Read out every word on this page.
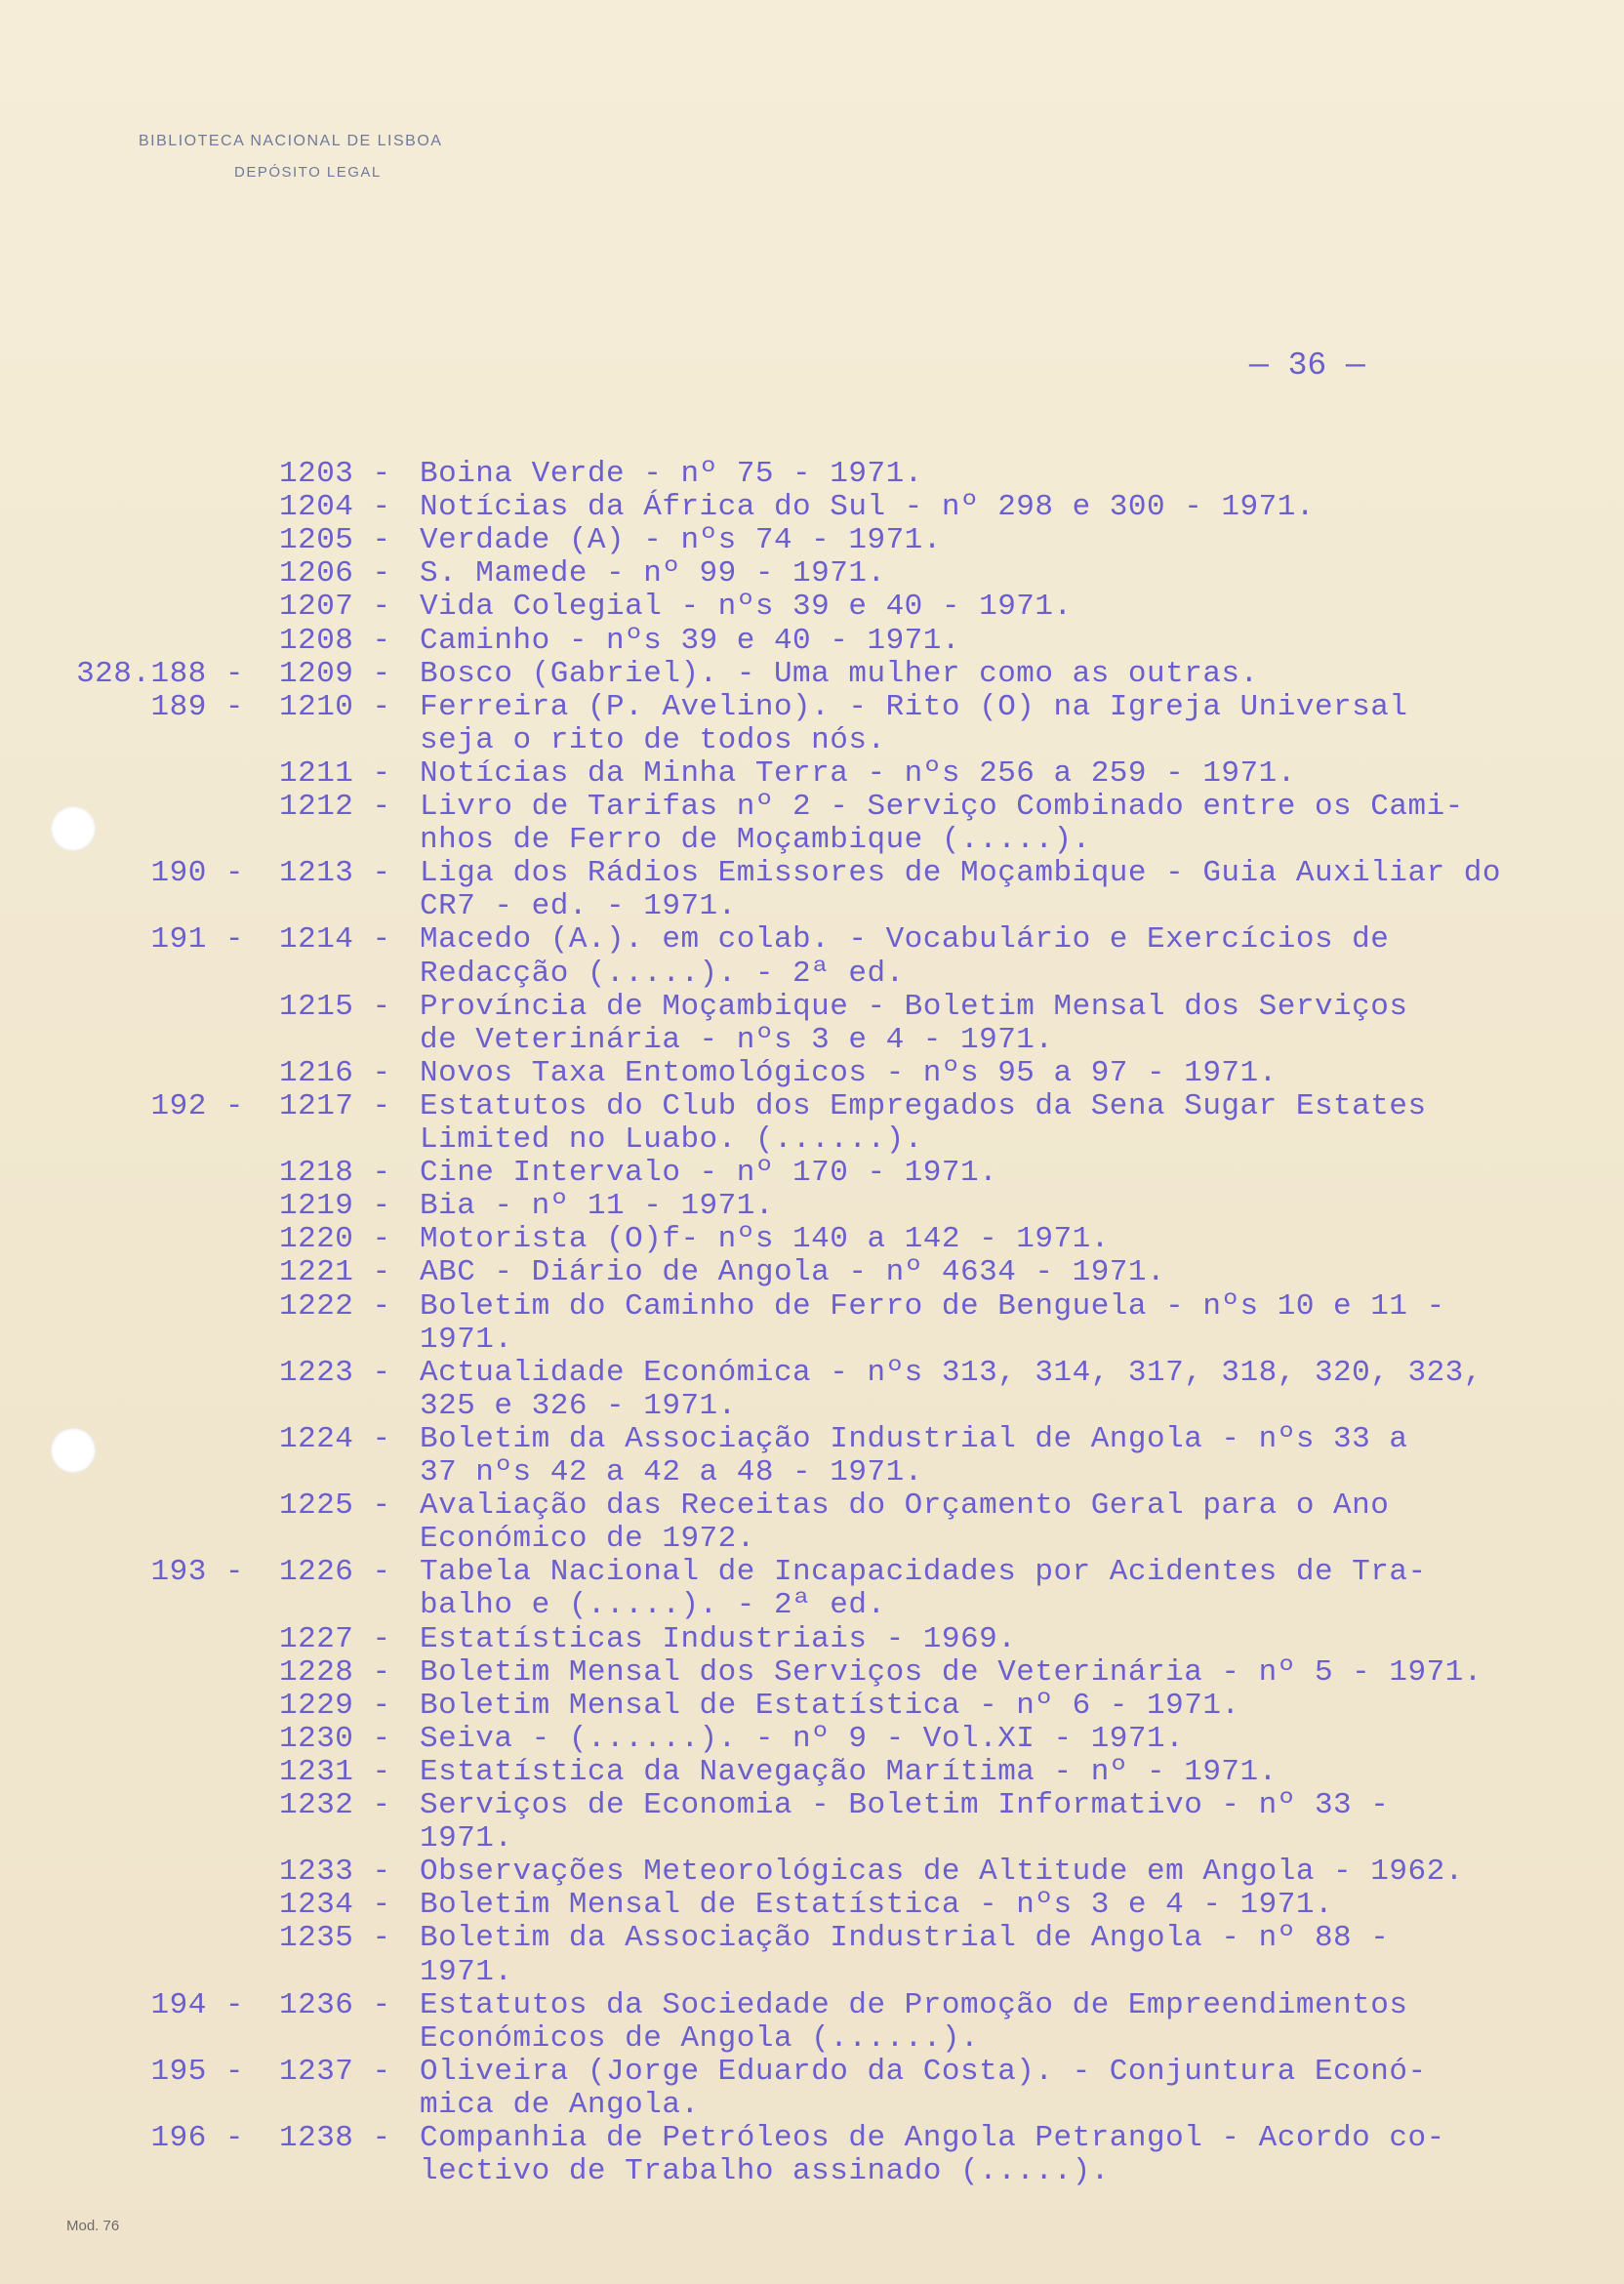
BIBLIOTECA NACIONAL DE LISBOA
DEPÓSITO LEGAL
— 36 —
1203 - Boina Verde - nº 75 - 1971.
1204 - Notícias da África do Sul - nº 298 e 300 - 1971.
1205 - Verdade (A) - nºs 74 - 1971.
1206 - S. Mamede - nº 99 - 1971.
1207 - Vida Colegial - nºs 39 e 40 - 1971.
1208 - Caminho - nºs 39 e 40 - 1971.
328.188 - 1209 - Bosco (Gabriel). - Uma mulher como as outras.
189 - 1210 - Ferreira (P. Avelino). - Rito (O) na Igreja Universal
seja o rito de todos nós.
1211 - Notícias da Minha Terra - nºs 256 a 259 - 1971.
1212 - Livro de Tarifas nº 2 - Serviço Combinado entre os Cami-
nhos de Ferro de Moçambique (.....).
190 - 1213 - Liga dos Rádios Emissores de Moçambique - Guia Auxiliar do
CR7 - ed. - 1971.
191 - 1214 - Macedo (A.). em colab. - Vocabulário e Exercícios de
Redacção (.....). - 2ª ed.
1215 - Província de Moçambique - Boletim Mensal dos Serviços
de Veterinária - nºs 3 e 4 - 1971.
1216 - Novos Taxa Entomológicos - nºs 95 a 97 - 1971.
192 - 1217 - Estatutos do Club dos Empregados da Sena Sugar Estates
Limited no Luabo. (......).
1218 - Cine Intervalo - nº 170 - 1971.
1219 - Bia - nº 11 - 1971.
1220 - Motorista (O)f- nºs 140 a 142 - 1971.
1221 - ABC - Diário de Angola - nº 4634 - 1971.
1222 - Boletim do Caminho de Ferro de Benguela - nºs 10 e 11 -
1971.
1223 - Actualidade Económica - nºs 313, 314, 317, 318, 320, 323,
325 e 326 - 1971.
1224 - Boletim da Associação Industrial de Angola - nºs 33 a
37 nºs 42 a 42 a 48 - 1971.
1225 - Avaliação das Receitas do Orçamento Geral para o Ano
Económico de 1972.
193 - 1226 - Tabela Nacional de Incapacidades por Acidentes de Tra-
balho e (.....). - 2ª ed.
1227 - Estatísticas Industriais - 1969.
1228 - Boletim Mensal dos Serviços de Veterinária - nº 5 - 1971.
1229 - Boletim Mensal de Estatística - nº 6 - 1971.
1230 - Seiva - (......). - nº 9 - Vol.XI - 1971.
1231 - Estatística da Navegação Marítima - nº - 1971.
1232 - Serviços de Economia - Boletim Informativo - nº 33 -
1971.
1233 - Observações Meteorológicas de Altitude em Angola - 1962.
1234 - Boletim Mensal de Estatística - nºs 3 e 4 - 1971.
1235 - Boletim da Associação Industrial de Angola - nº 88 -
1971.
194 - 1236 - Estatutos da Sociedade de Promoção de Empreendimentos
Económicos de Angola (......).
195 - 1237 - Oliveira (Jorge Eduardo da Costa). - Conjuntura Econó-
mica de Angola.
196 - 1238 - Companhia de Petróleos de Angola Petrangol - Acordo co-
lectivo de Trabalho assinado (.....).
Mod. 76
